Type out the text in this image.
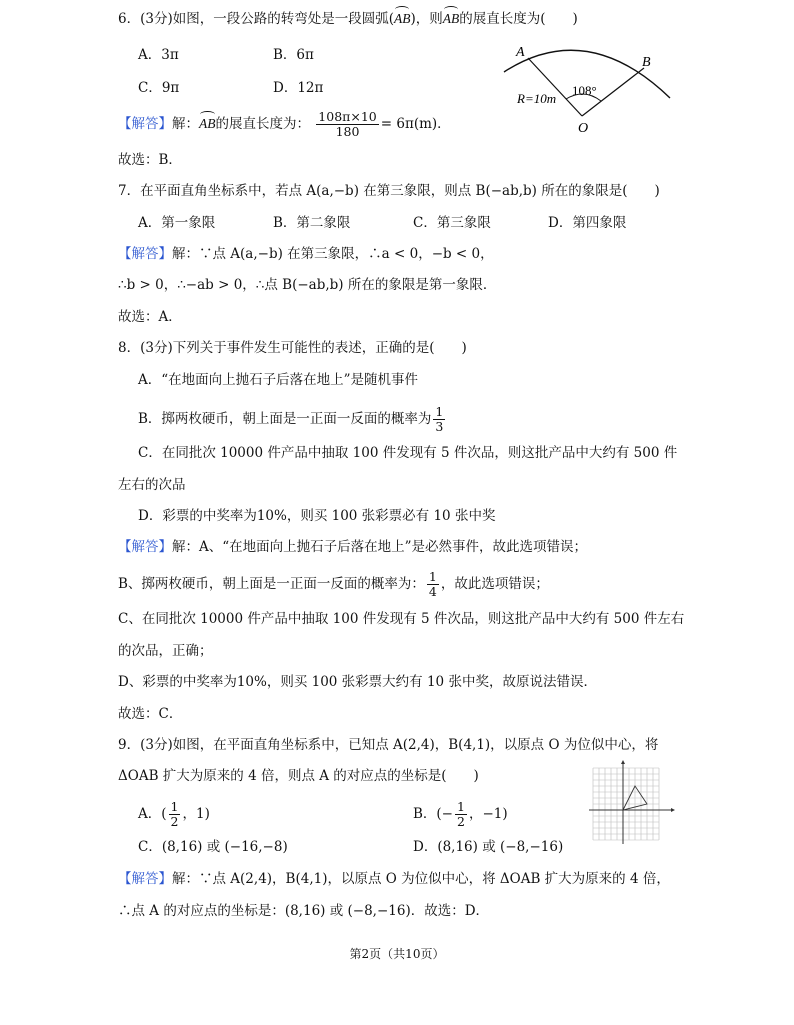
6．(3分)如图，一段公路的转弯处是一段圆弧(AB)，则AB的展直长度为(　　)
A．3π	B．6π
C．9π	D．12π
A
B
O
R=10m
108°
【解答】解：AB的展直长度为： $\frac{108\pi\times 10}{180} = 6\pi(m)$．
故选：B．
7．在平面直角坐标系中，若点 A(a,−b) 在第三象限，则点 B(−ab,b) 所在的象限是(　　)
A．第一象限	B．第二象限	C．第三象限	D．第四象限
【解答】解：∵点 A(a,−b) 在第三象限，∴a < 0，−b < 0，
∴b > 0，∴−ab > 0，∴点 B(−ab,b) 所在的象限是第一象限．
故选：A．
8．(3分)下列关于事件发生可能性的表述，正确的是(　　)
A．“在地面向上抛石子后落在地上”是随机事件
B．掷两枚硬币，朝上面是一正面一反面的概率为 $\frac{1}{3}$
C．在同批次 10000 件产品中抽取 100 件发现有 5 件次品，则这批产品中大约有 500 件
左右的次品
D．彩票的中奖率为10%，则买 100 张彩票必有 10 张中奖
【解答】解：A、“在地面向上抛石子后落在地上”是必然事件，故此选项错误；
B、掷两枚硬币，朝上面是一正面一反面的概率为： $\frac{1}{4}$ ，故此选项错误；
C、在同批次 10000 件产品中抽取 100 件发现有 5 件次品，则这批产品中大约有 500 件左右
的次品，正确；
D、彩票的中奖率为10%，则买 100 张彩票大约有 10 张中奖，故原说法错误．
故选：C．
9．(3分)如图，在平面直角坐标系中，已知点 A(2,4)，B(4,1)，以原点 O 为位似中心，将
ΔOAB 扩大为原来的 4 倍，则点 A 的对应点的坐标是(　　)
A．( $\frac{1}{2}$ ，1)	B．(− $\frac{1}{2}$ ，−1)
C．(8,16) 或 (−16,−8)	D．(8,16) 或 (−8,−16)
【解答】解：∵点 A(2,4)，B(4,1)，以原点 O 为位似中心，将 ΔOAB 扩大为原来的 4 倍，
∴点 A 的对应点的坐标是：(8,16) 或 (−8,−16)．故选：D．
第2页（共10页）
